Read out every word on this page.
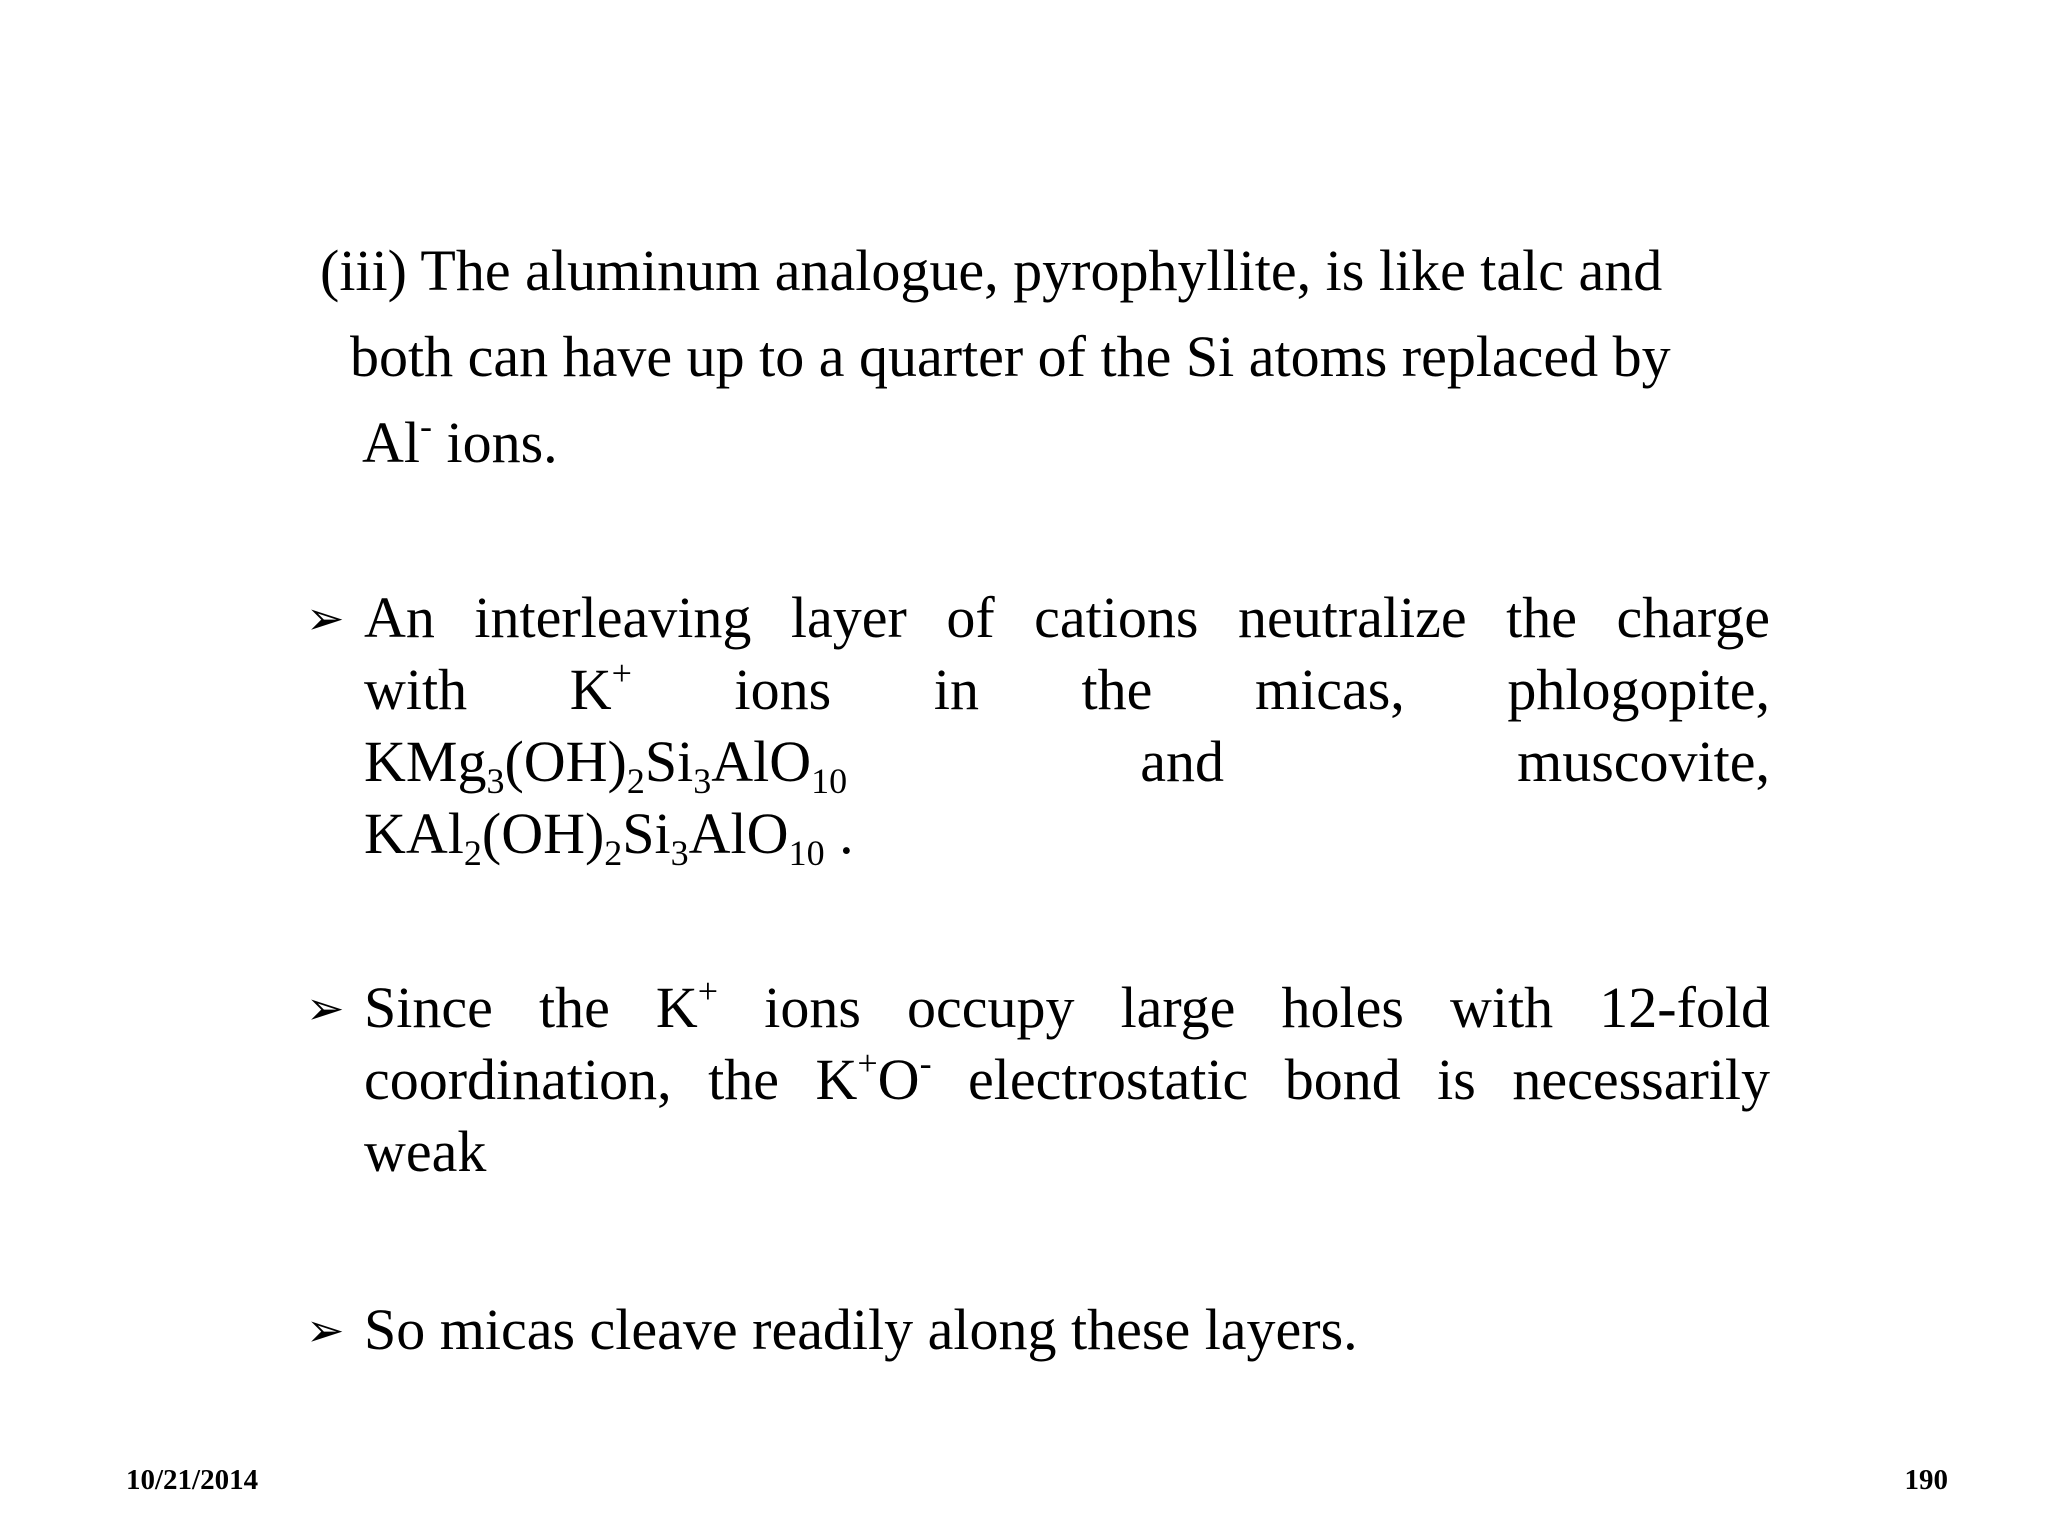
(iii) The aluminum analogue, pyrophyllite, is like talc and
both can have up to a quarter of the Si atoms replaced by
Al- ions.
➢ An interleaving layer of cations neutralize the charge
with K+ ions in the micas, phlogopite,
$KMg_3(OH)_2Si_3AlO_{10}$ and muscovite,
$KAl_2(OH)_2Si_3AlO_{10}$ .
➢ Since the K+ ions occupy large holes with 12-fold
coordination, the K+O- electrostatic bond is necessarily
weak
➢ So micas cleave readily along these layers.
10/21/2014	190
